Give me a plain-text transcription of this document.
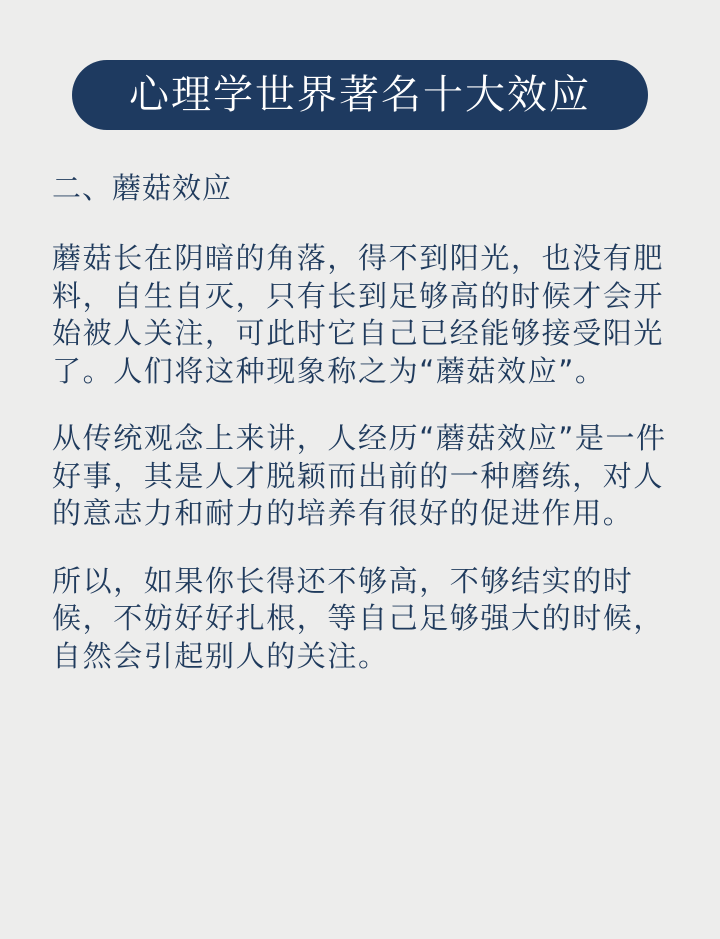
心理学世界著名十大效应
二、蘑菇效应
蘑菇长在阴暗的角落，得不到阳光，也没有肥料，自生自灭，只有长到足够高的时候才会开始被人关注，可此时它自己已经能够接受阳光了。人们将这种现象称之为“蘑菇效应”。
从传统观念上来讲，人经历“蘑菇效应”是一件好事，其是人才脱颖而出前的一种磨练，对人的意志力和耐力的培养有很好的促进作用。
所以，如果你长得还不够高，不够结实的时候，不妨好好扎根，等自己足够强大的时候，自然会引起别人的关注。
